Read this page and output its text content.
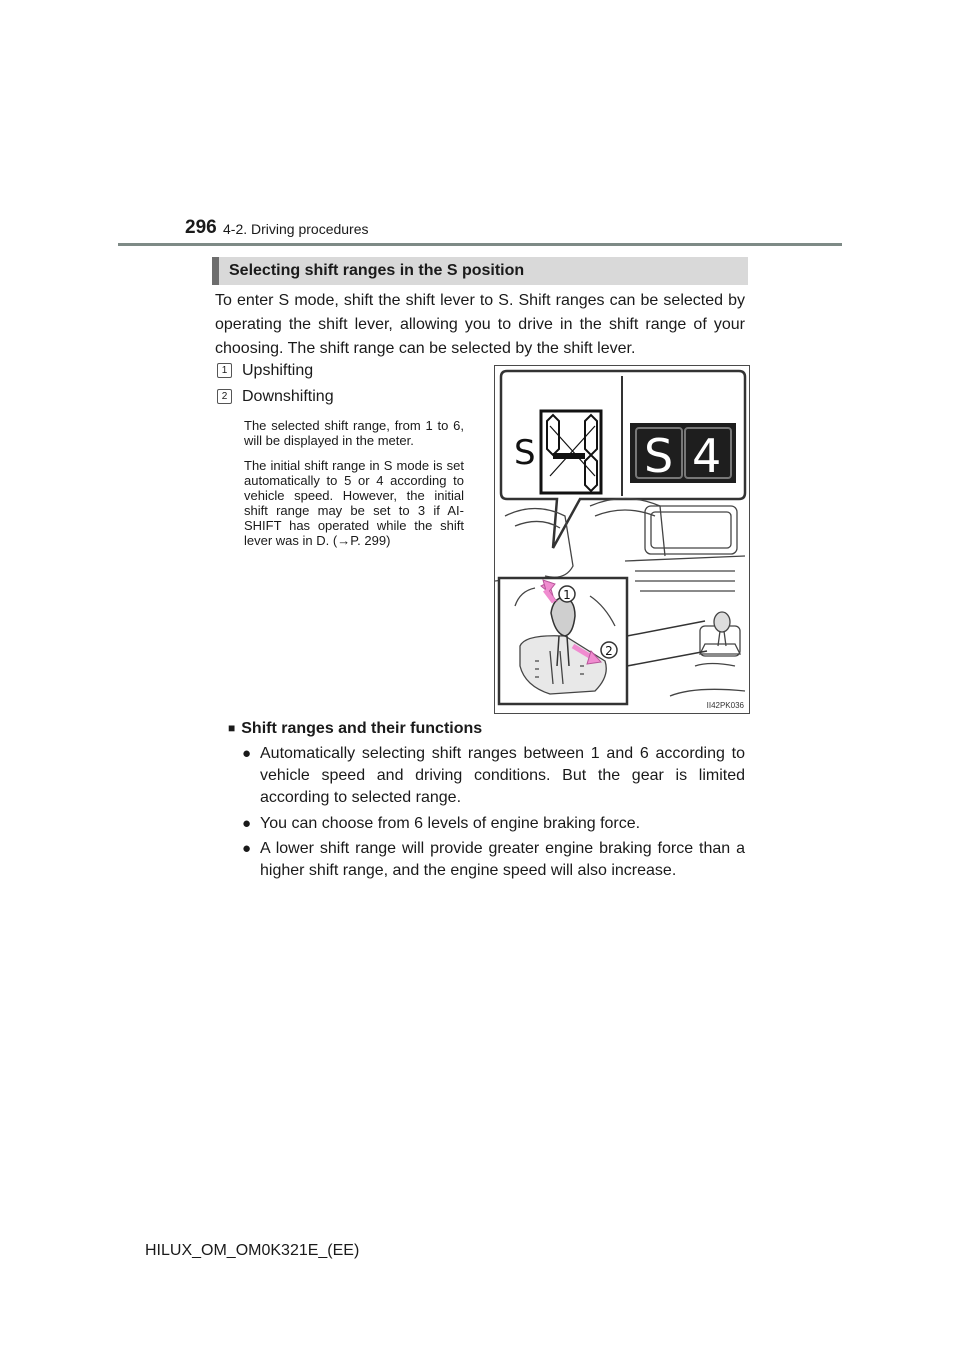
296 4-2. Driving procedures
Selecting shift ranges in the S position
To enter S mode, shift the shift lever to S. Shift ranges can be selected by operating the shift lever, allowing you to drive in the shift range of your choosing. The shift range can be selected by the shift lever.
1 Upshifting
2 Downshifting
The selected shift range, from 1 to 6, will be displayed in the meter.
The initial shift range in S mode is set automatically to 5 or 4 according to vehicle speed. However, the initial shift range may be set to 3 if AI-SHIFT has operated while the shift lever was in D. (→P. 299)
S S 4
1
2
II42PK036
■ Shift ranges and their functions
● Automatically selecting shift ranges between 1 and 6 according to vehicle speed and driving conditions. But the gear is limited according to selected range.
● You can choose from 6 levels of engine braking force.
● A lower shift range will provide greater engine braking force than a higher shift range, and the engine speed will also increase.
HILUX_OM_OM0K321E_(EE)
